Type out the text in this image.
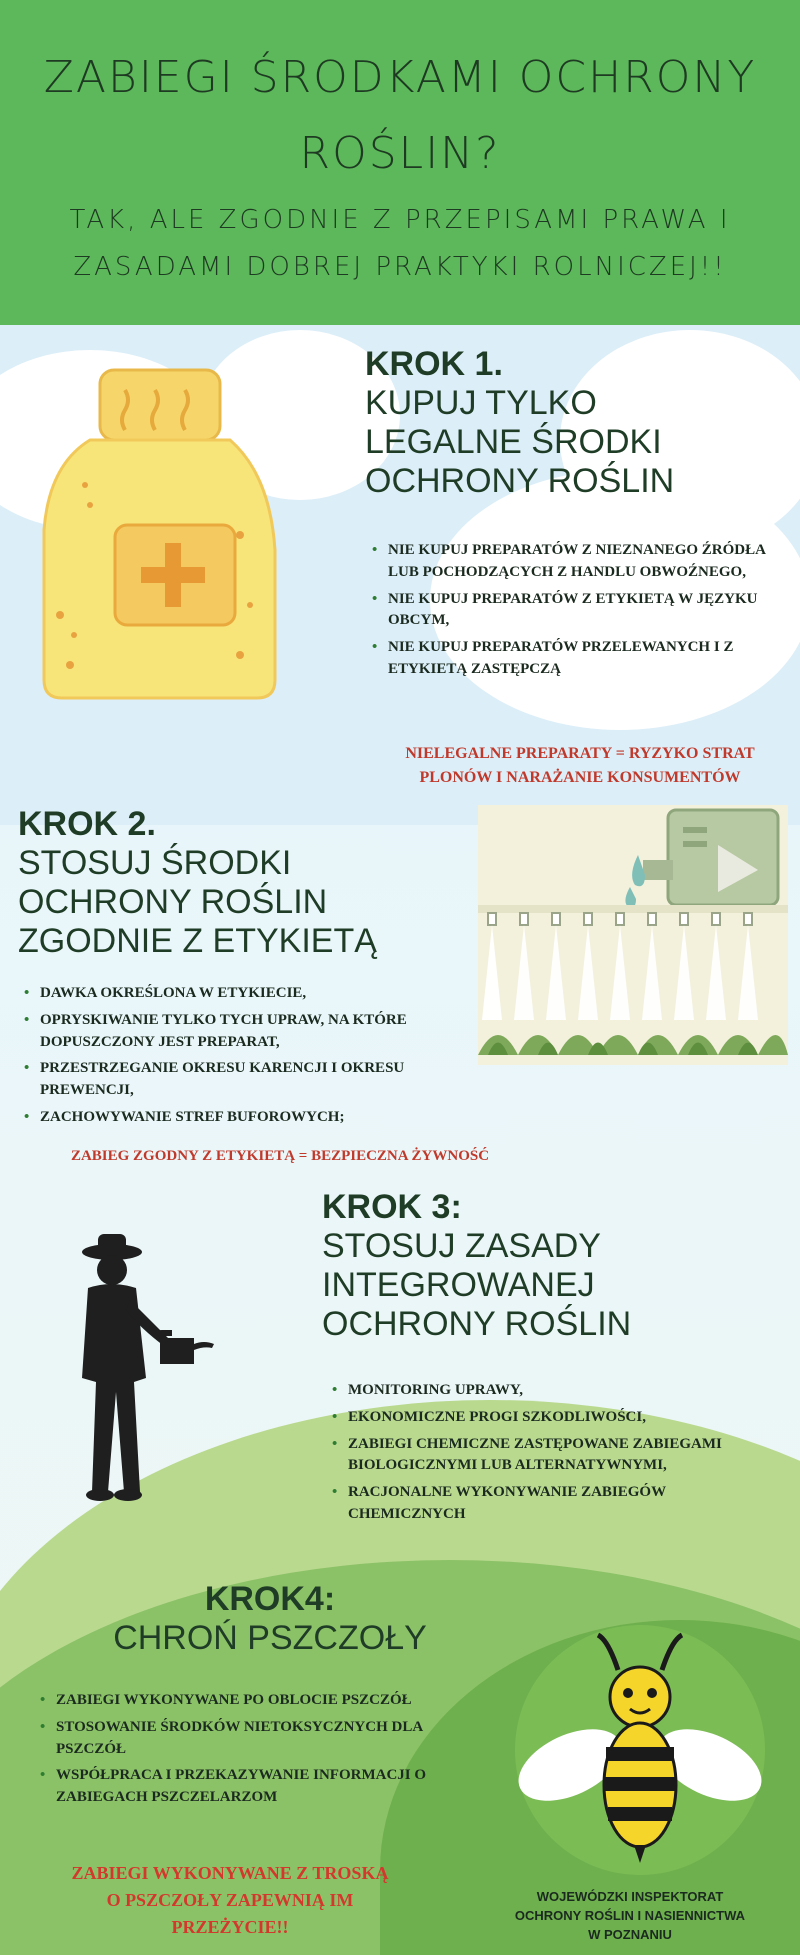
ZABIEGI ŚRODKAMI OCHRONY
ROŚLIN?
TAK, ALE ZGODNIE Z PRZEPISAMI PRAWA I
ZASADAMI DOBREJ PRAKTYKI ROLNICZEJ!!
KROK 1.
KUPUJ TYLKO
LEGALNE ŚRODKI
OCHRONY ROŚLIN
• NIE KUPUJ PREPARATÓW Z NIEZNANEGO ŹRÓDŁA LUB POCHODZĄCYCH Z HANDLU OBWOŹNEGO,
• NIE KUPUJ PREPARATÓW Z ETYKIETĄ W JĘZYKU OBCYM,
• NIE KUPUJ PREPARATÓW PRZELEWANYCH I Z ETYKIETĄ ZASTĘPCZĄ
NIELEGALNE PREPARATY = RYZYKO STRAT
PLONÓW I NARAŻANIE KONSUMENTÓW
KROK 2.
STOSUJ ŚRODKI
OCHRONY ROŚLIN
ZGODNIE Z ETYKIETĄ
• DAWKA OKREŚLONA W ETYKIECIE,
• OPRYSKIWANIE TYLKO TYCH UPRAW, NA KTÓRE DOPUSZCZONY JEST PREPARAT,
• PRZESTRZEGANIE OKRESU KARENCJI I OKRESU PREWENCJI,
• ZACHOWYWANIE STREF BUFOROWYCH;
ZABIEG ZGODNY Z ETYKIETĄ = BEZPIECZNA ŻYWNOŚĆ
KROK 3:
STOSUJ ZASADY
INTEGROWANEJ
OCHRONY ROŚLIN
• MONITORING UPRAWY,
• EKONOMICZNE PROGI SZKODLIWOŚCI,
• ZABIEGI CHEMICZNE ZASTĘPOWANE ZABIEGAMI BIOLOGICZNYMI LUB ALTERNATYWNYMI,
• RACJONALNE WYKONYWANIE ZABIEGÓW CHEMICZNYCH
KROK4:
CHROŃ PSZCZOŁY
• ZABIEGI WYKONYWANE PO OBLOCIE PSZCZÓŁ
• STOSOWANIE ŚRODKÓW NIETOKSYCZNYCH DLA PSZCZÓŁ
• WSPÓŁPRACA I PRZEKAZYWANIE INFORMACJI O ZABIEGACH PSZCZELARZOM
ZABIEGI WYKONYWANE Z TROSKĄ
O PSZCZOŁY ZAPEWNIĄ IM
PRZEŻYCIE!!
WOJEWÓDZKI INSPEKTORAT
OCHRONY ROŚLIN I NASIENNICTWA
W POZNANIU
